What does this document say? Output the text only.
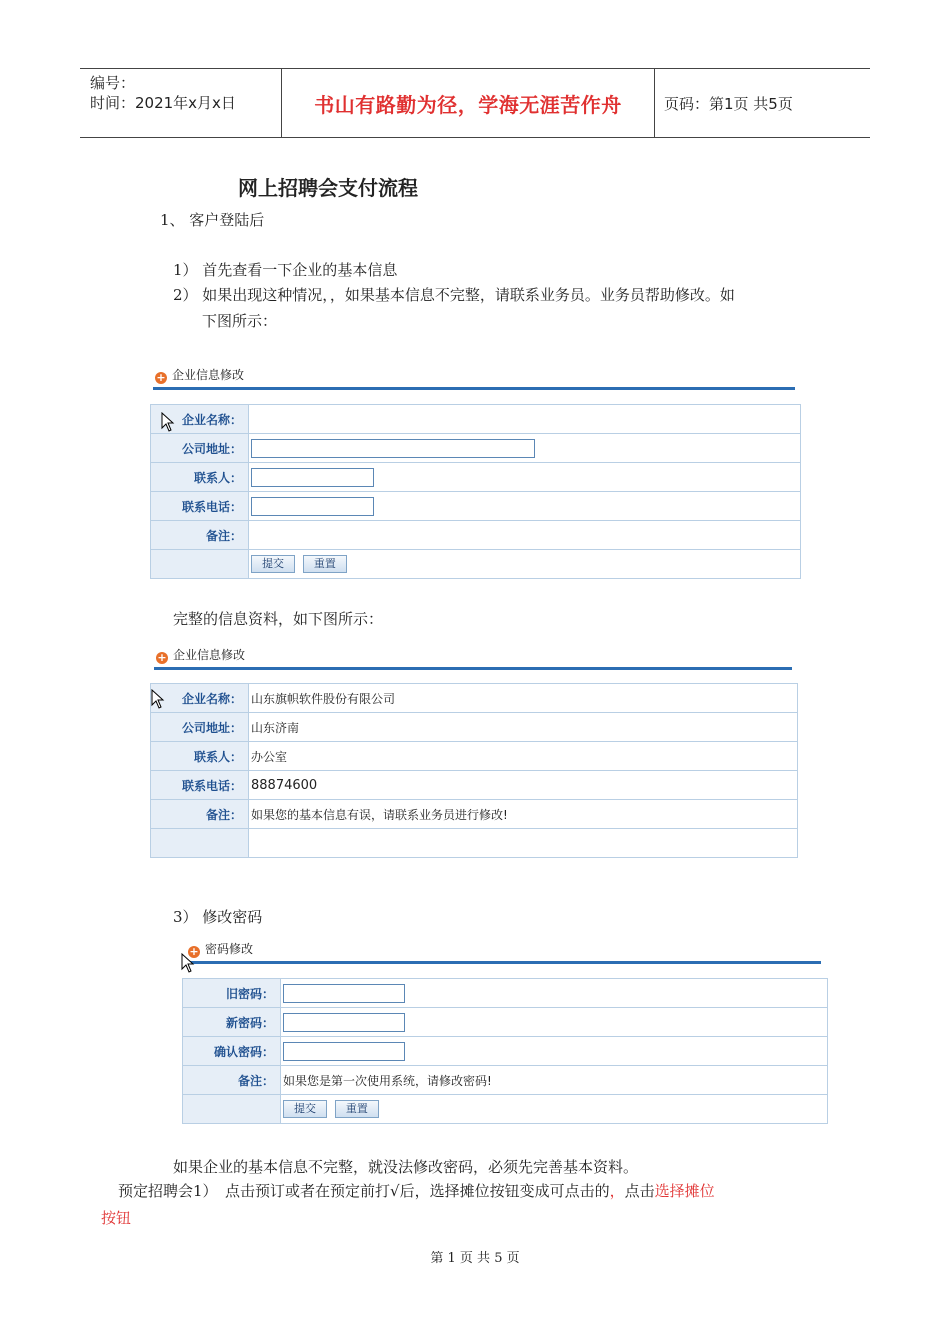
编号：
时间：2021年x月x日	书山有路勤为径，学海无涯苦作舟	页码：第1页 共5页
网上招聘会支付流程
1、 客户登陆后
1） 首先查看一下企业的基本信息
2） 如果出现这种情况，，如果基本信息不完整，请联系业务员。业务员帮助修改。如
下图所示：
+ 企业信息修改
企业名称：	
公司地址：	
联系人：	
联系电话：	
备注：	
	提交 重置
完整的信息资料，如下图所示：
+ 企业信息修改
企业名称：	山东旗帜软件股份有限公司
公司地址：	山东济南
联系人：	办公室
联系电话：	88874600
备注：	如果您的基本信息有误，请联系业务员进行修改!

3） 修改密码
+ 密码修改
旧密码：	
新密码：	
确认密码：	
备注：	如果您是第一次使用系统，请修改密码!
	提交 重置
如果企业的基本信息不完整，就没法修改密码，必须先完善基本资料。
预定招聘会1）　点击预订或者在预定前打√后，选择摊位按钮变成可点击的，点击选择摊位
按钮
第 1 页 共 5 页
